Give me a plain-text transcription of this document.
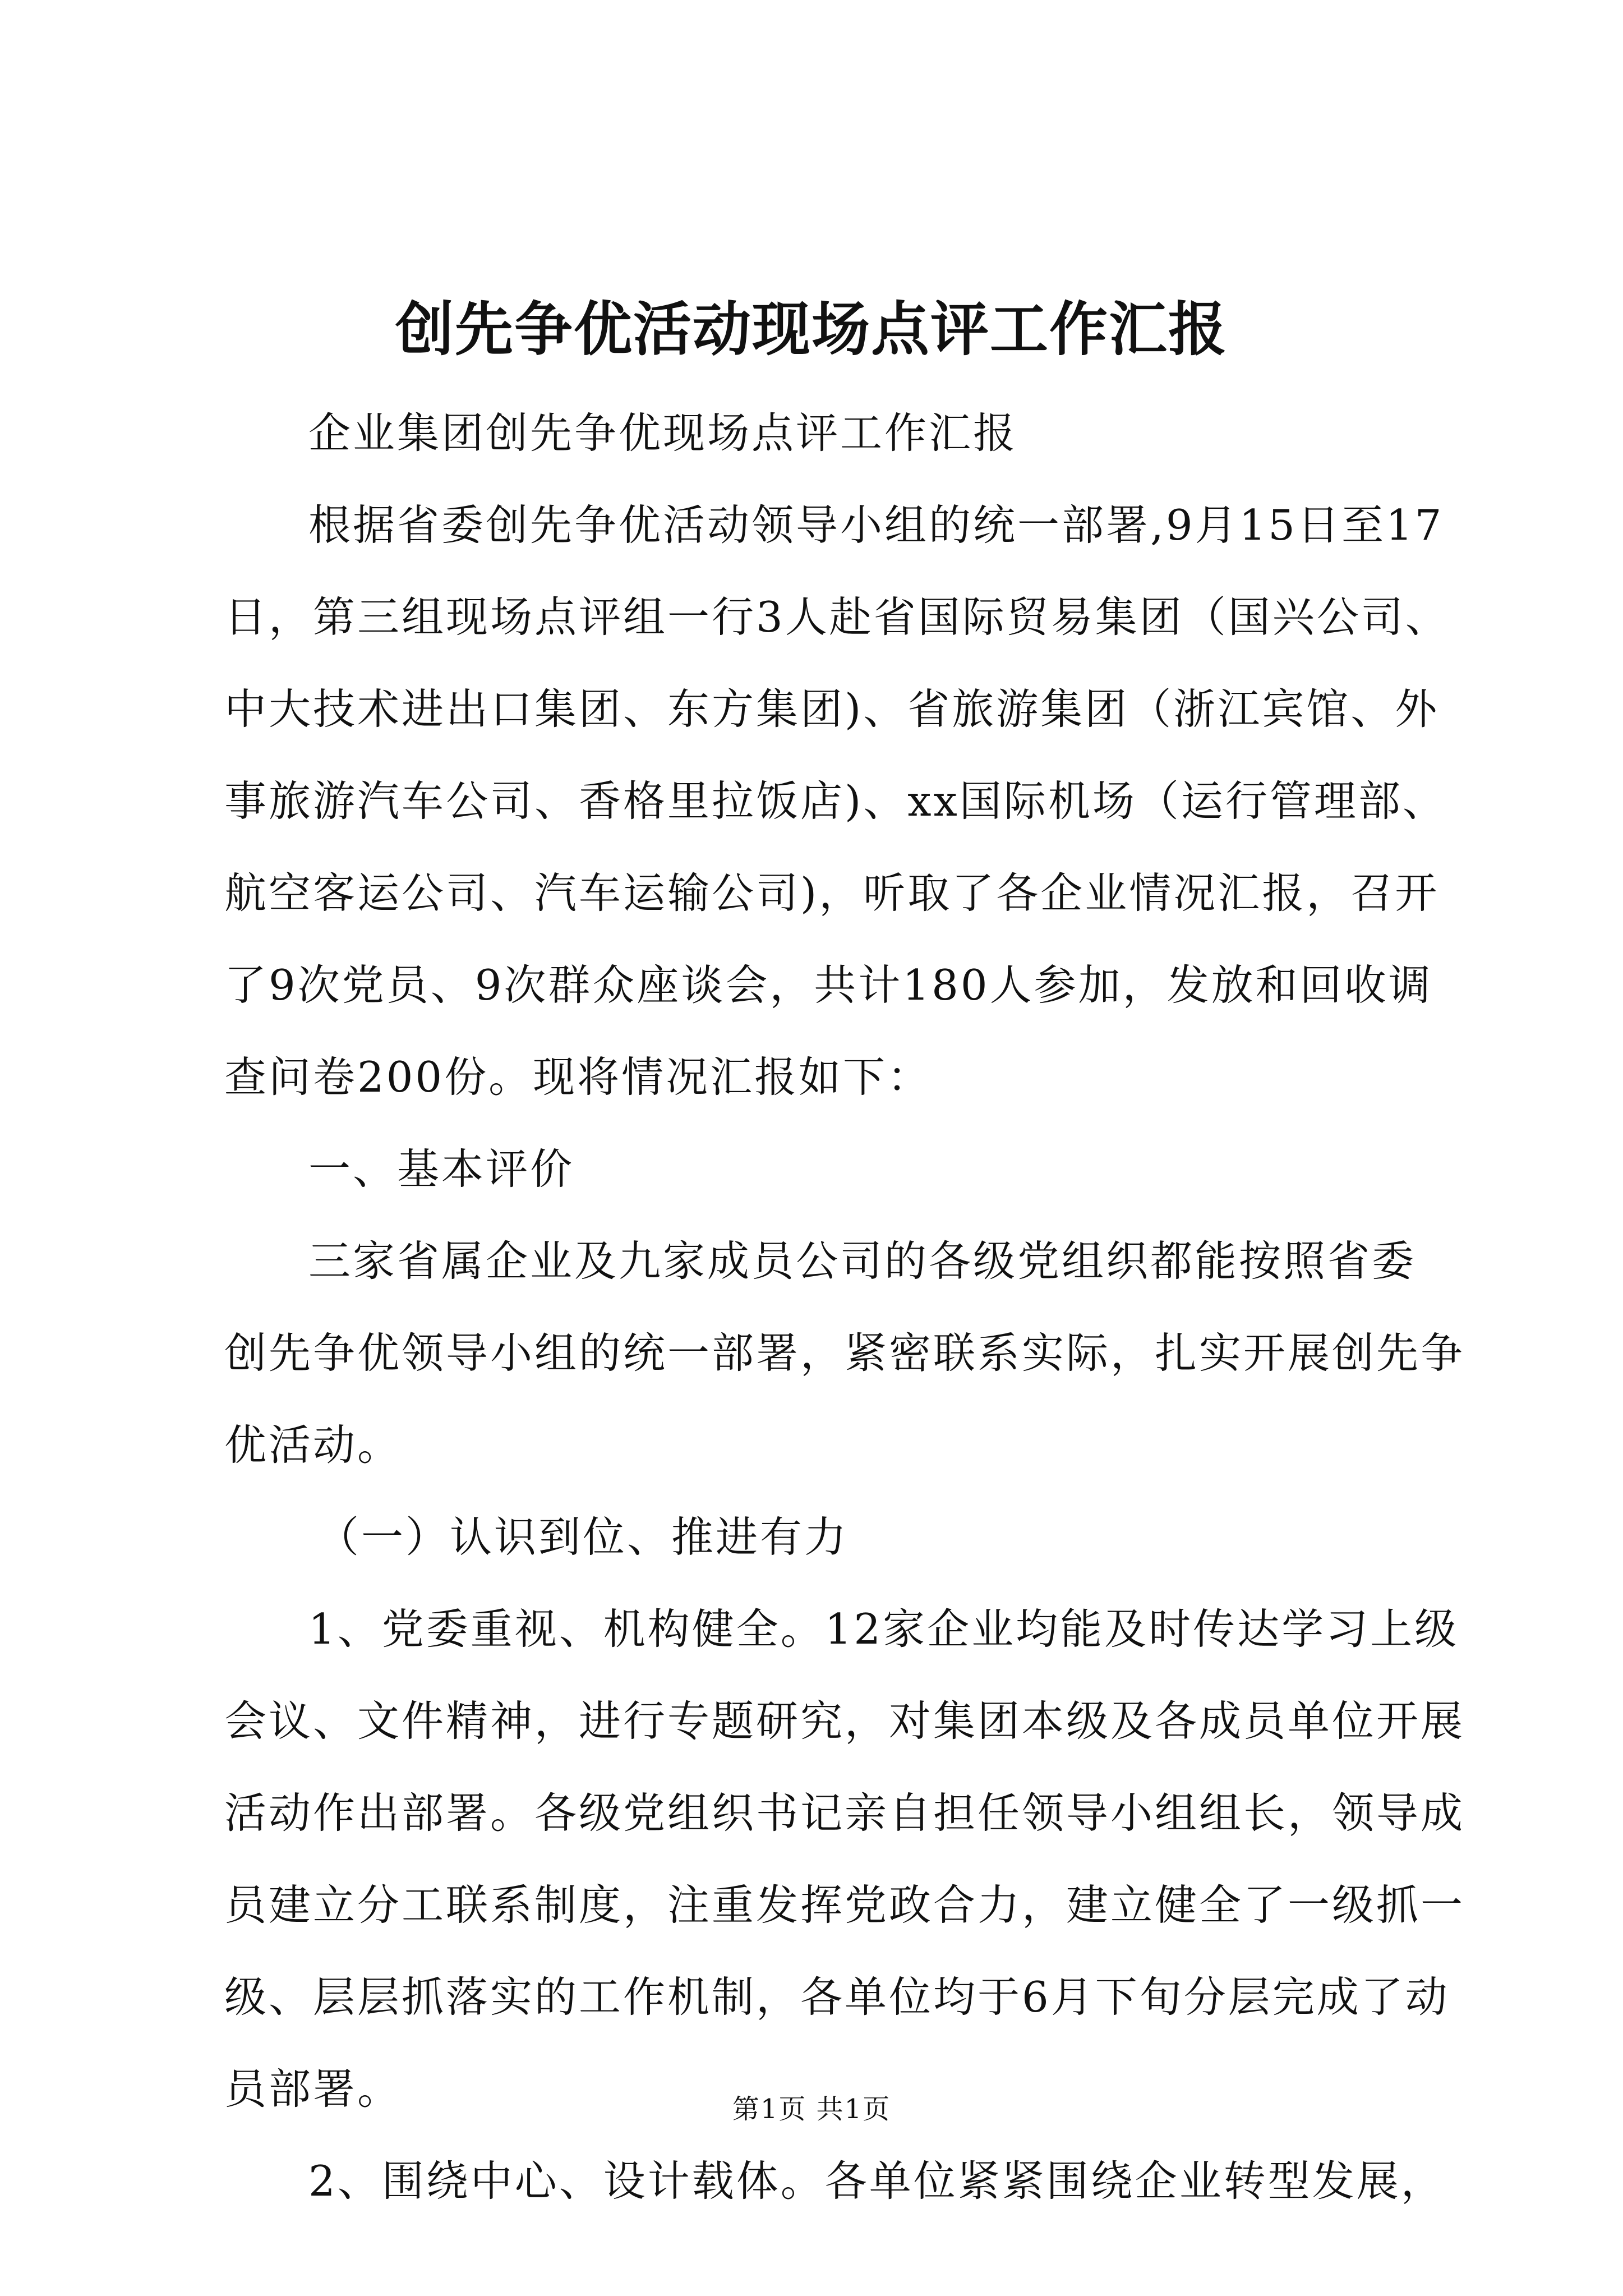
创先争优活动现场点评工作汇报
企业集团创先争优现场点评工作汇报
根据省委创先争优活动领导小组的统一部署,9月15日至17
日，第三组现场点评组一行3人赴省国际贸易集团（国兴公司、
中大技术进出口集团、东方集团)、省旅游集团（浙江宾馆、外
事旅游汽车公司、香格里拉饭店)、xx国际机场（运行管理部、
航空客运公司、汽车运输公司)，听取了各企业情况汇报，召开
了9次党员、9次群众座谈会，共计180人参加，发放和回收调
查问卷200份。现将情况汇报如下：
一、基本评价
三家省属企业及九家成员公司的各级党组织都能按照省委
创先争优领导小组的统一部署，紧密联系实际，扎实开展创先争
优活动。
（一）认识到位、推进有力
1、党委重视、机构健全。12家企业均能及时传达学习上级
会议、文件精神，进行专题研究，对集团本级及各成员单位开展
活动作出部署。各级党组织书记亲自担任领导小组组长，领导成
员建立分工联系制度，注重发挥党政合力，建立健全了一级抓一
级、层层抓落实的工作机制，各单位均于6月下旬分层完成了动
员部署。
2、围绕中心、设计载体。各单位紧紧围绕企业转型发展，
第1页 共1页
